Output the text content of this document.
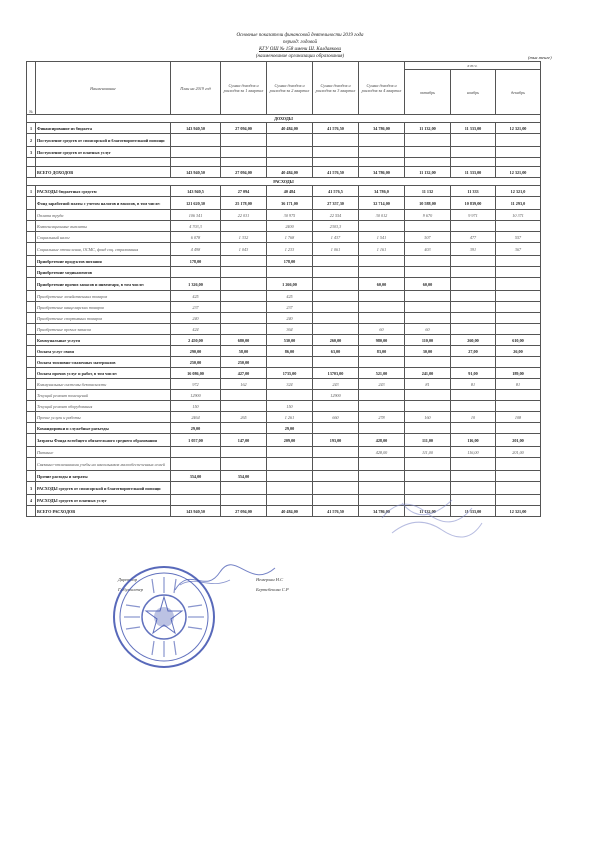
Основные показатели финансовой деятельности 2019 года
период: годовой
КГУ ОШ № 158 имени Ш. Калдаякова
(наименование организации образования)	(тыс.тенге)
№	Наименование	План на 2019 год	Сумма доходов и расходов за 1 квартал	Сумма доходов и расходов за 2 квартал	Сумма доходов и расходов за 3 квартал	Сумма доходов и расходов за 4 квартал	в т.ч.		
							октябрь	ноябрь	декабрь
ДОХОДЫ									
1	Финансирование из бюджета	143 940,50	27 094,00	40 484,00	41 576,50	34 786,00	11 132,00	11 333,00	12 321,00
2	Поступление средств от спонсорской и благотворительной помощи								
3	Поступление средств от платных услуг								

	ВСЕГО ДОХОДОВ	143 940,50	27 094,00	40 484,00	41 576,50	34 786,00	11 132,00	11 333,00	12 321,00
РАСХОДЫ									
1	РАСХОДЫ бюджетных средств:	143 940,5	27 094	40 484	41 576,5	34 786,0	11 132	11 333	12 321,0
	Фонд заработной платы с учетом налогов и взносов, в том числе:	121 620,30	25 178,00	36 171,00	27 357,30	32 714,00	10 588,00	10 839,00	11 293,0
	Оплата труда	106 341	22 031	30 975	22 554	30 012	9 670	9 971	10 371
	Компенсационные выплаты	4 703,3		2400	2303,3				
	Социальный налог	6 078	1 332	1 768	1 437	1 541	507	477	557
	Социальные отчисления, ОСМС, фонд соц. страхования	4 498	1 043	1 233	1 061	1 161	403	391	367
	Приобретение продуктов питания	178,00		178,00					
	Приобретение медикаментов								
	Приобретение прочих запасов и инвентаря, в том числе:	1 326,00		1 266,00		60,00	60,00		
	Приобретение хозяйственных товаров	425		425					
	Приобретение канцелярских товаров	237		237					
	Приобретение спортивных товаров	240		240					
	Приобретение прочих запасов	424		364		60	60		
	Коммунальные услуги	2 450,00	680,00	530,00	260,00	980,00	110,00	260,00	610,00
	Оплата услуг связи	290,00	58,00	86,00	63,00	83,00	30,00	27,00	26,00
	Оплата топливно-смазочных материалов	250,00	250,00						
	Оплата прочих услуг и работ, в том числе:	16 086,00	427,00	1735,00	13703,00	521,00	241,00	91,00	189,00
	Коммунальные системы безопасности	972	162	324	243	243	81	81	81
	Текущий ремонт помещений	12900			12900				
	Текущий ремонт оборудования	150		150					
	Прочие услуги и работы	2464	265	1 261	660	278	160	10	108
	Командировки и служебные разъезды	29,00		29,00					
	Затраты Фонда всеобщего обязательного среднего образования	1 057,00	147,00	209,00	193,00	428,00	111,00	116,00	201,00
	Питание					428,00	111,00	116,00	201,00
	Связанно-отличниками учебы на шкоольников малообеспеченных семей								
	Прочие расходы и затраты	354,00	354,00						
3	РАСХОДЫ средств от спонсорской и благотворительной помощи								
4	РАСХОДЫ средств от платных услуг								
	ВСЕГО РАСХОДОВ	143 940,50	27 094,00	40 484,00	41 576,50	34 786,00	11 132,00	11 333,00	12 321,00
Директор	Немерхан Н.С
Гл.бухгалтер	Бертсбекова С.Р
